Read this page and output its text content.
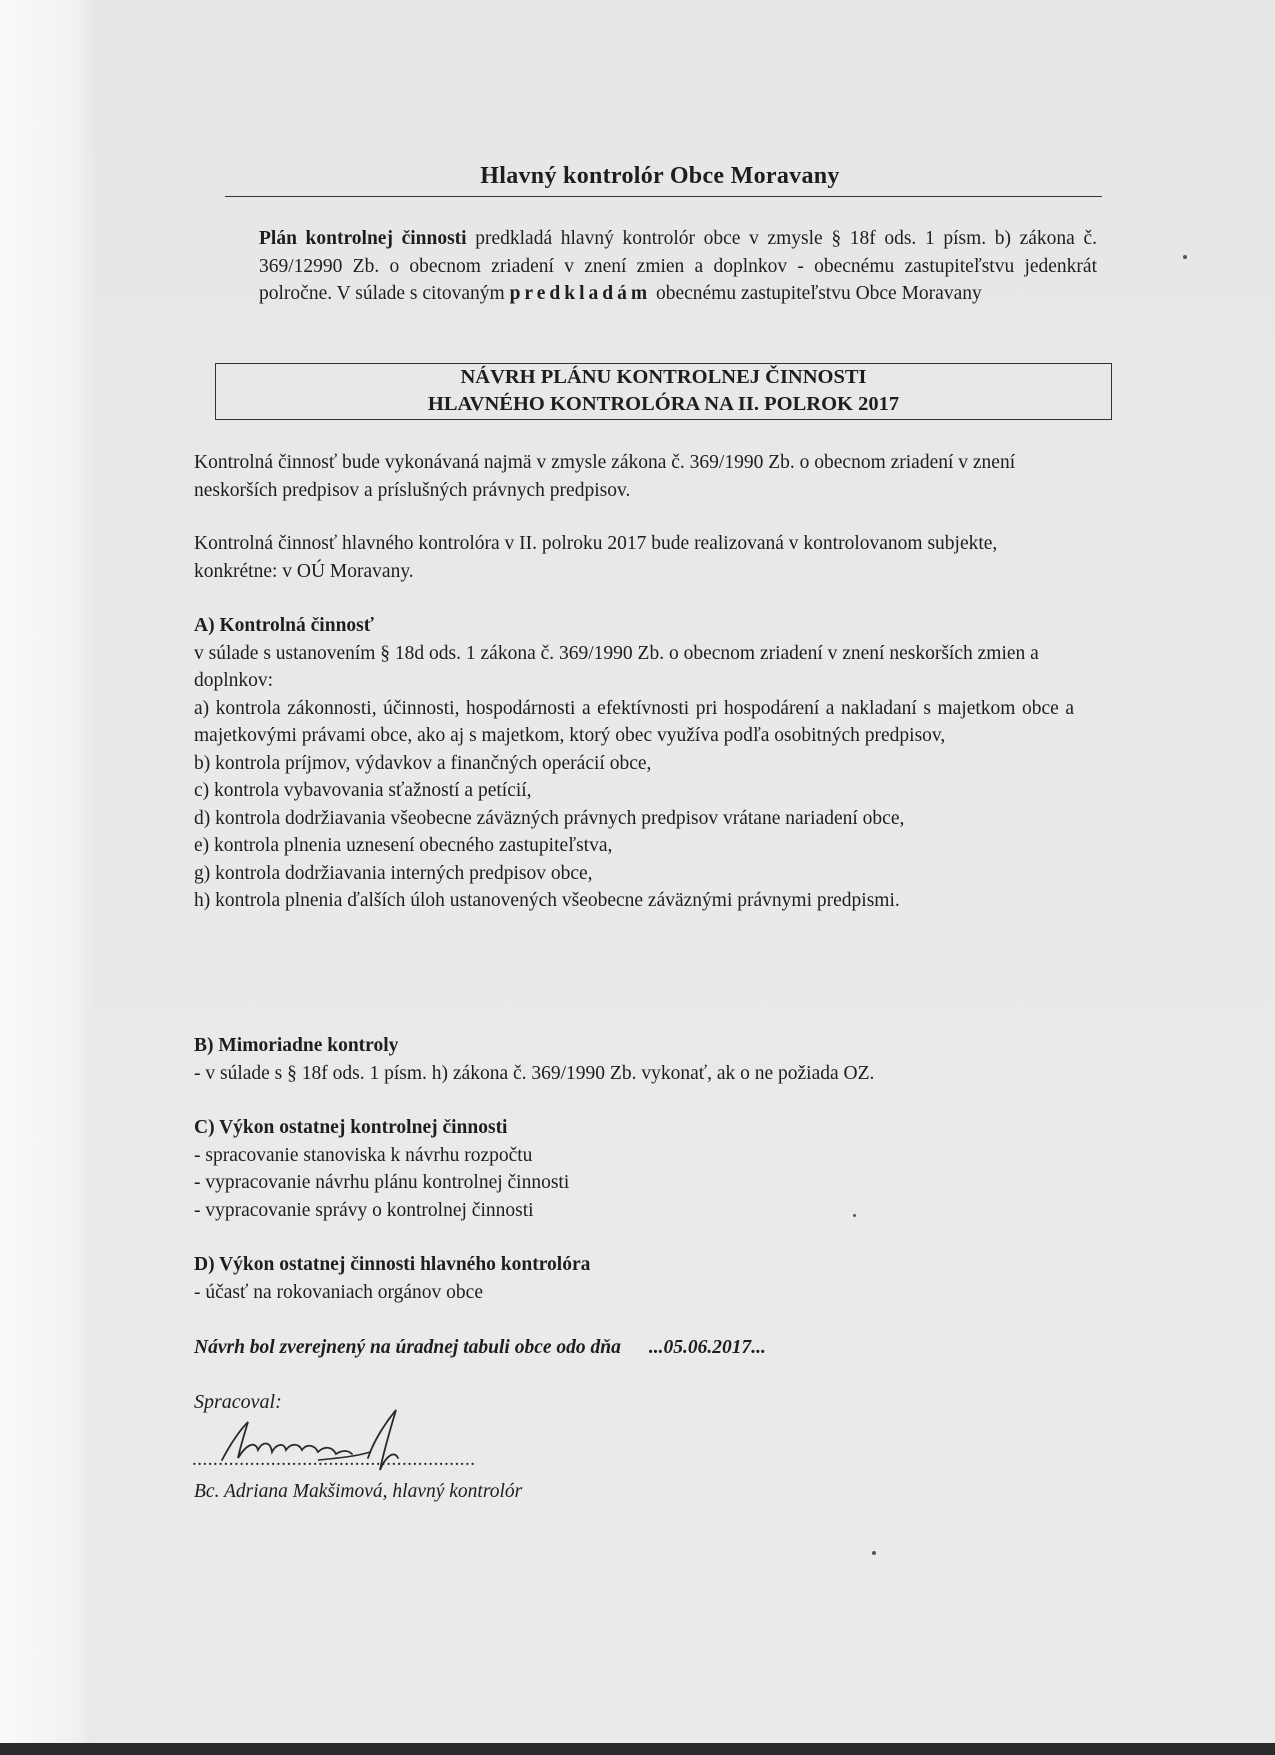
Hlavný kontrolór Obce Moravany
Plán kontrolnej činnosti predkladá hlavný kontrolór obce v zmysle § 18f ods. 1 písm. b) zákona č. 369/12990 Zb. o obecnom zriadení v znení zmien a doplnkov - obecnému zastupiteľstvu jedenkrát polročne. V súlade s citovaným predkladám obecnému zastupiteľstvu Obce Moravany
NÁVRH PLÁNU KONTROLNEJ ČINNOSTI
HLAVNÉHO KONTROLÓRA NA II. POLROK 2017
Kontrolná činnosť bude vykonávaná najmä v zmysle zákona č. 369/1990 Zb. o obecnom zriadení v znení neskorších predpisov a príslušných právnych predpisov.
Kontrolná činnosť hlavného kontrolóra v II. polroku 2017 bude realizovaná v kontrolovanom subjekte, konkrétne: v OÚ Moravany.
A) Kontrolná činnosť
v súlade s ustanovením § 18d ods. 1 zákona č. 369/1990 Zb. o obecnom zriadení v znení neskorších zmien a doplnkov:
a) kontrola zákonnosti, účinnosti, hospodárnosti a efektívnosti pri hospodárení a nakladaní s majetkom obce a majetkovými právami obce, ako aj s majetkom, ktorý obec využíva podľa osobitných predpisov,
b) kontrola príjmov, výdavkov a finančných operácií obce,
c) kontrola vybavovania sťažností a petícií,
d) kontrola dodržiavania všeobecne záväzných právnych predpisov vrátane nariadení obce,
e) kontrola plnenia uznesení obecného zastupiteľstva,
g) kontrola dodržiavania interných predpisov obce,
h) kontrola plnenia ďalších úloh ustanovených všeobecne záväznými právnymi predpismi.
B) Mimoriadne kontroly
- v súlade s § 18f ods. 1 písm. h) zákona č. 369/1990 Zb. vykonať, ak o ne požiada OZ.
C) Výkon ostatnej kontrolnej činnosti
- spracovanie stanoviska k návrhu rozpočtu
- vypracovanie návrhu plánu kontrolnej činnosti
- vypracovanie správy o kontrolnej činnosti
D) Výkon ostatnej činnosti hlavného kontrolóra
- účasť na rokovaniach orgánov obce
Návrh bol zverejnený na úradnej tabuli obce odo dňa ...05.06.2017...
Spracoval:
......................................................
Bc. Adriana Makšimová, hlavný kontrolór
